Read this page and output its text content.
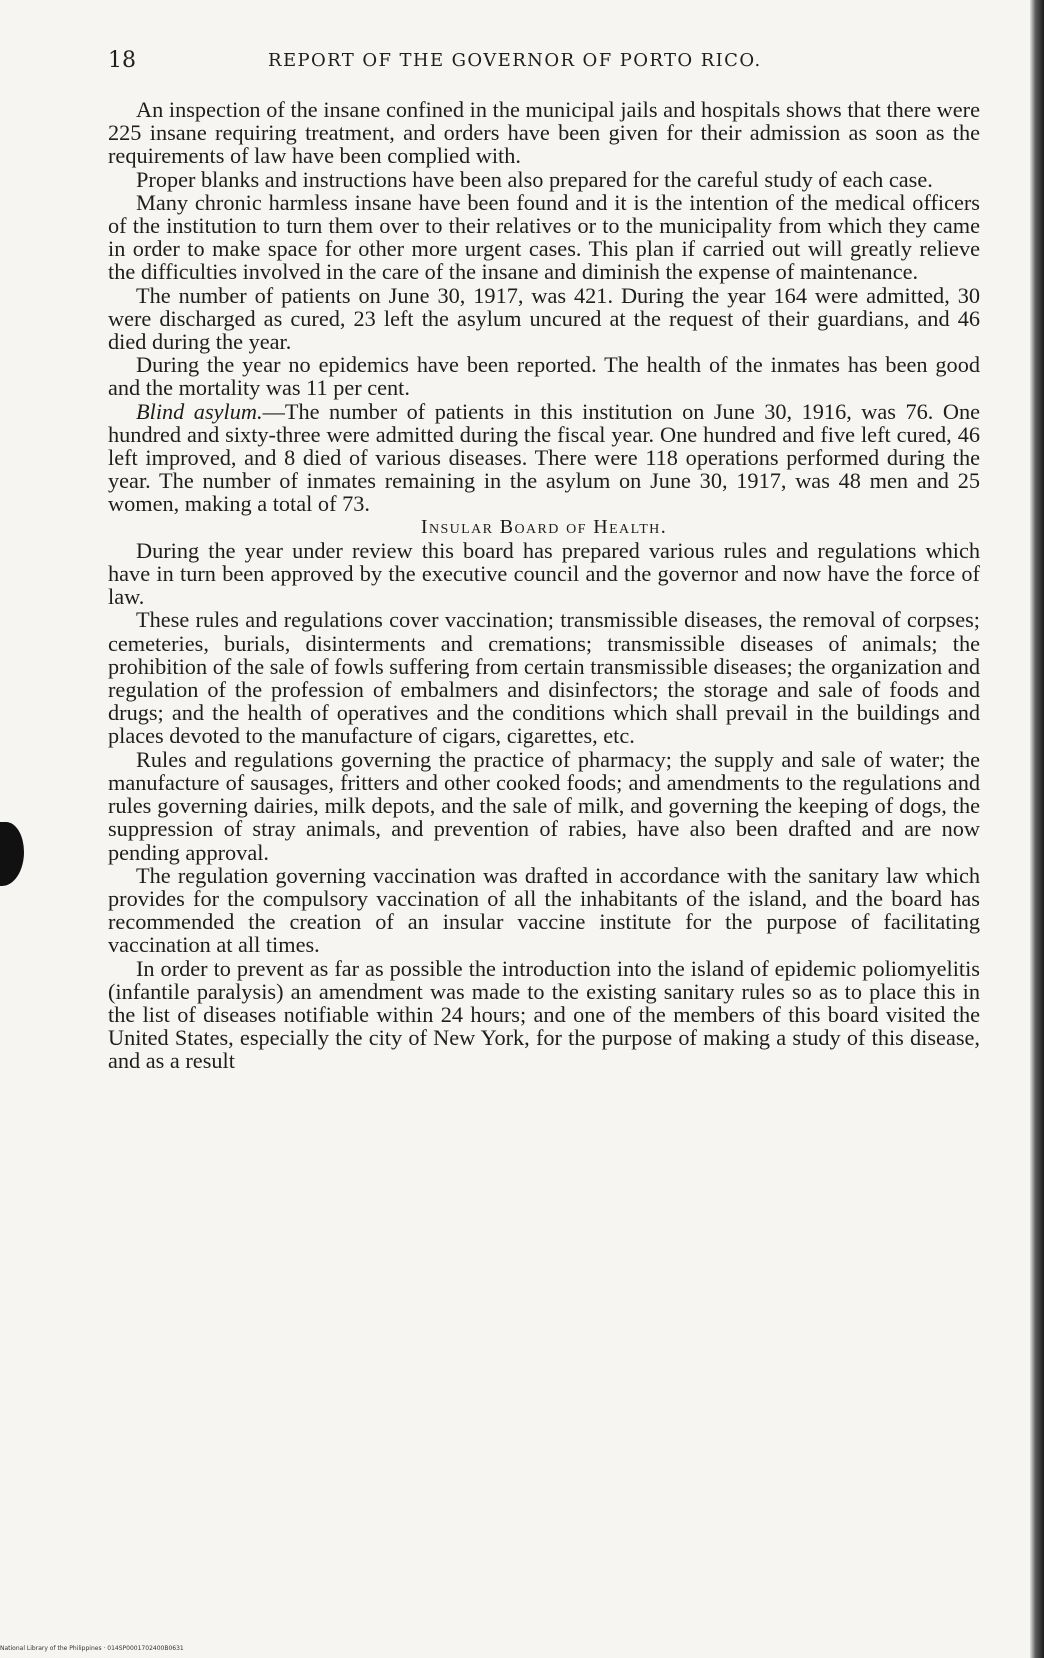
18	REPORT OF THE GOVERNOR OF PORTO RICO.

An inspection of the insane confined in the municipal jails and hospitals shows that there were 225 insane requiring treatment, and orders have been given for their admission as soon as the requirements of law have been complied with.

Proper blanks and instructions have been also prepared for the careful study of each case.

Many chronic harmless insane have been found and it is the intention of the medical officers of the institution to turn them over to their relatives or to the municipality from which they came in order to make space for other more urgent cases. This plan if carried out will greatly relieve the difficulties involved in the care of the insane and diminish the expense of maintenance.

The number of patients on June 30, 1917, was 421. During the year 164 were admitted, 30 were discharged as cured, 23 left the asylum uncured at the request of their guardians, and 46 died during the year.

During the year no epidemics have been reported. The health of the inmates has been good and the mortality was 11 per cent.

Blind asylum.—The number of patients in this institution on June 30, 1916, was 76. One hundred and sixty-three were admitted during the fiscal year. One hundred and five left cured, 46 left improved, and 8 died of various diseases. There were 118 operations performed during the year. The number of inmates remaining in the asylum on June 30, 1917, was 48 men and 25 women, making a total of 73.

Insular Board of Health.

During the year under review this board has prepared various rules and regulations which have in turn been approved by the executive council and the governor and now have the force of law.

These rules and regulations cover vaccination; transmissible diseases, the removal of corpses; cemeteries, burials, disinterments and cremations; transmissible diseases of animals; the prohibition of the sale of fowls suffering from certain transmissible diseases; the organization and regulation of the profession of embalmers and disinfectors; the storage and sale of foods and drugs; and the health of operatives and the conditions which shall prevail in the buildings and places devoted to the manufacture of cigars, cigarettes, etc.

Rules and regulations governing the practice of pharmacy; the supply and sale of water; the manufacture of sausages, fritters and other cooked foods; and amendments to the regulations and rules governing dairies, milk depots, and the sale of milk, and governing the keeping of dogs, the suppression of stray animals, and prevention of rabies, have also been drafted and are now pending approval.

The regulation governing vaccination was drafted in accordance with the sanitary law which provides for the compulsory vaccination of all the inhabitants of the island, and the board has recommended the creation of an insular vaccine institute for the purpose of facilitating vaccination at all times.

In order to prevent as far as possible the introduction into the island of epidemic poliomyelitis (infantile paralysis) an amendment was made to the existing sanitary rules so as to place this in the list of diseases notifiable within 24 hours; and one of the members of this board visited the United States, especially the city of New York, for the purpose of making a study of this disease, and as a result

National Library of the Philippines · 014SP0001702400B0631
